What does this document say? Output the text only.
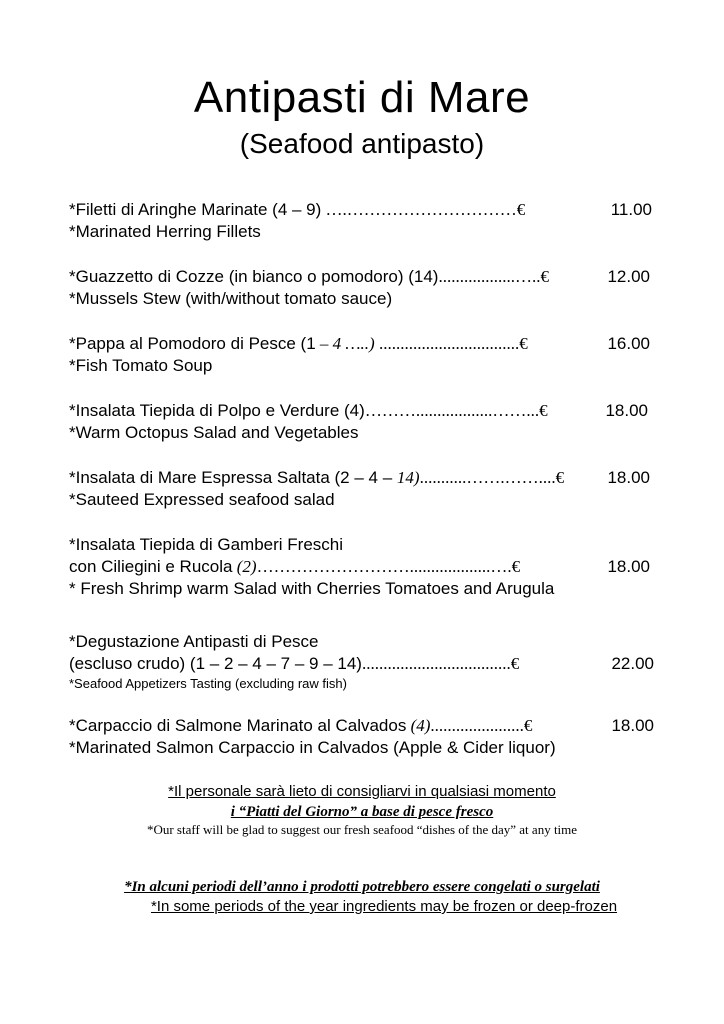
Antipasti di Mare
(Seafood antipasto)
*Filetti di Aringhe Marinate (4 – 9) ….…………………………€
*Marinated Herring Fillets
11.00
*Guazzetto di Cozze (in bianco o pomodoro) (14)..................…..€
*Mussels Stew (with/without tomato sauce)
12.00
*Pappa al Pomodoro di Pesce (1 – 4 …..) .................................€
*Fish Tomato Soup
16.00
*Insalata Tiepida di Polpo e Verdure (4)………..................……...€
*Warm Octopus Salad and Vegetables
18.00
*Insalata di Mare Espressa Saltata (2 – 4 – 14)...........…….……....€
*Sauteed Expressed seafood salad
18.00
*Insalata Tiepida di Gamberi Freschi
con Ciliegini e Rucola (2)………………………...................….€
* Fresh Shrimp warm Salad with Cherries Tomatoes and Arugula
18.00
*Degustazione Antipasti di Pesce
(escluso crudo) (1 – 2 – 4 – 7 – 9 – 14)...................................€
*Seafood Appetizers Tasting (excluding raw fish)
22.00
*Carpaccio di Salmone Marinato al Calvados (4)......................€
*Marinated Salmon Carpaccio in Calvados (Apple & Cider liquor)
18.00
*Il personale sarà lieto di consigliarvi in qualsiasi momento
i “Piatti del Giorno” a base di pesce fresco
*Our staff will be glad to suggest our fresh seafood “dishes of the day” at any time
*In alcuni periodi dell’anno i prodotti potrebbero essere congelati o surgelati
*In some periods of the year ingredients may be frozen or deep-frozen
